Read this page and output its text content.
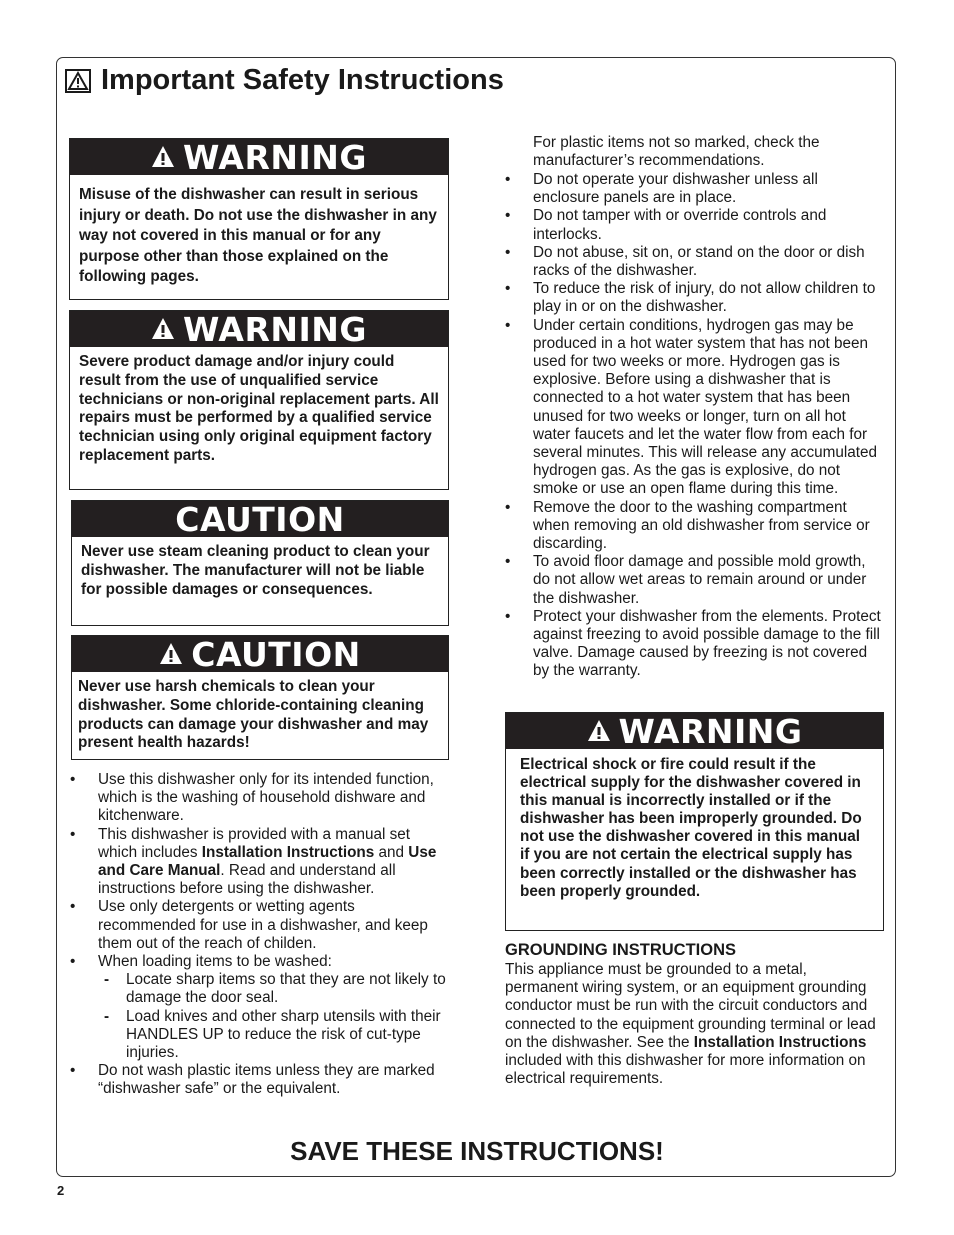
Important Safety Instructions
WARNING

Misuse of the dishwasher can result in serious injury or death. Do not use the dishwasher in any way not covered in this manual or for any purpose other than those explained on the following pages.

WARNING

Severe product damage and/or injury could result from the use of unqualified service technicians or non-original replacement parts. All repairs must be performed by a qualified service technician using only original equipment factory replacement parts.

CAUTION

Never use steam cleaning product to clean your dishwasher. The manufacturer will not be liable for possible damages or consequences.

CAUTION

Never use harsh chemicals to clean your dishwasher. Some chloride-containing cleaning products can damage your dishwasher and may present health hazards!

• Use this dishwasher only for its intended function, which is the washing of household dishware and kitchenware.
• This dishwasher is provided with a manual set which includes Installation Instructions and Use and Care Manual. Read and understand all instructions before using the dishwasher.
• Use only detergents or wetting agents recommended for use in a dishwasher, and keep them out of the reach of childen.
• When loading items to be washed:
- Locate sharp items so that they are not likely to damage the door seal.
- Load knives and other sharp utensils with their HANDLES UP to reduce the risk of cut-type injuries.
• Do not wash plastic items unless they are marked “dishwasher safe” or the equivalent.

For plastic items not so marked, check the manufacturer’s recommendations.

• Do not operate your dishwasher unless all enclosure panels are in place.
• Do not tamper with or override controls and interlocks.
• Do not abuse, sit on, or stand on the door or dish racks of the dishwasher.
• To reduce the risk of injury, do not allow children to play in or on the dishwasher.
• Under certain conditions, hydrogen gas may be produced in a hot water system that has not been used for two weeks or more. Hydrogen gas is explosive. Before using a dishwasher that is connected to a hot water system that has been unused for two weeks or longer, turn on all hot water faucets and let the water flow from each for several minutes. This will release any accumulated hydrogen gas. As the gas is explosive, do not smoke or use an open flame during this time.
• Remove the door to the washing compartment when removing an old dishwasher from service or discarding.
• To avoid floor damage and possible mold growth, do not allow wet areas to remain around or under the dishwasher.
• Protect your dishwasher from the elements. Protect against freezing to avoid possible damage to the fill valve. Damage caused by freezing is not covered by the warranty.
WARNING

Electrical shock or fire could result if the electrical supply for the dishwasher covered in this manual is incorrectly installed or if the dishwasher has been improperly grounded. Do not use the dishwasher covered in this manual if you are not certain the electrical supply has been correctly installed or the dishwasher has been properly grounded.

GROUNDING INSTRUCTIONS

This appliance must be grounded to a metal, permanent wiring system, or an equipment grounding conductor must be run with the circuit conductors and connected to the equipment grounding terminal or lead on the dishwasher. See the Installation Instructions included with this dishwasher for more information on electrical requirements.

SAVE THESE INSTRUCTIONS!
2
